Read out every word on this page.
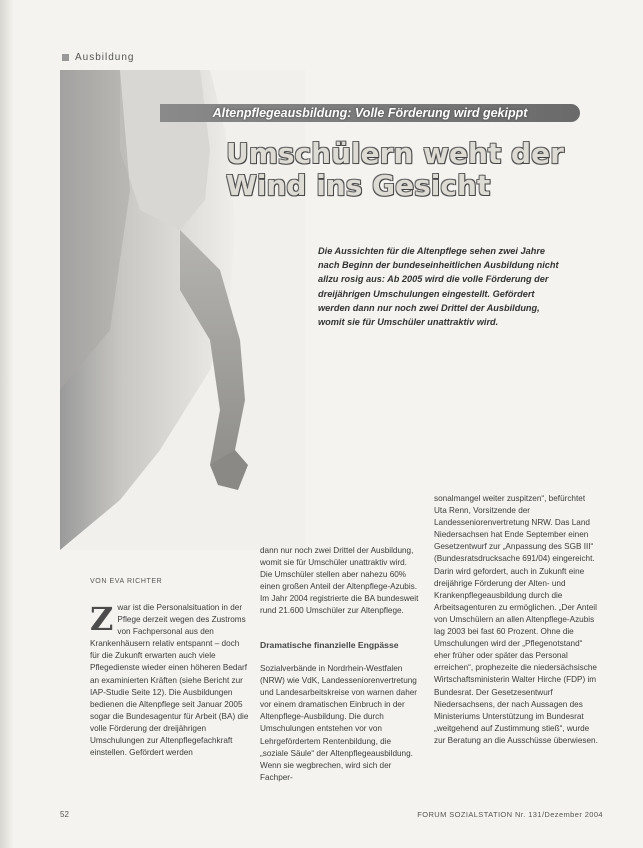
Ausbildung
Altenpflegeausbildung: Volle Förderung wird gekippt
Umschülern weht der Wind ins Gesicht

Die Aussichten für die Altenpflege sehen zwei Jahre nach Beginn der bundeseinheitlichen Ausbildung nicht allzu rosig aus: Ab 2005 wird die volle Förderung der dreijährigen Umschulungen eingestellt. Gefördert werden dann nur noch zwei Drittel der Ausbildung, womit sie für Umschüler unattraktiv wird.

VON EVA RICHTER

Zwar ist die Personalsituation in der Pflege derzeit wegen des Zustroms von Fachpersonal aus den Krankenhäusern relativ entspannt – doch für die Zukunft erwarten auch viele Pflegedienste wieder einen höheren Bedarf an examinierten Kräften (siehe Bericht zur IAP-Studie Seite 12). Die Ausbildungen bedienen die Altenpflege seit Januar 2005 sogar die Bundesagentur für Arbeit (BA) die volle Förderung der dreijährigen Umschulungen zur Altenpflegefachkraft einstellen. Gefördert werden

dann nur noch zwei Drittel der Ausbildung, womit sie für Umschüler unattraktiv wird. Die Umschüler stellen aber nahezu 60% einen großen Anteil der Altenpflege-Azubis. Im Jahr 2004 registrierte die BA bundesweit rund 21.600 Umschüler zur Altenpflege.

Dramatische finanzielle Engpässe

Sozialverbände in Nordrhein-Westfalen (NRW) wie VdK, Landesseniorenvertretung und Landesarbeitskreise von warnen daher vor einem dramatischen Einbruch in der Altenpflege-Ausbildung. Die durch Umschulungen entstehen vor von Lehrgefördertem Rentenbildung, die „soziale Säule“ der Altenpflegeausbildung. Wenn sie wegbrechen, wird sich der Fachper-

sonalmangel weiter zuspitzen“, befürchtet Uta Renn, Vorsitzende der Landesseniorenvertretung NRW. Das Land Niedersachsen hat Ende September einen Gesetzentwurf zur „Anpassung des SGB III“ (Bundesratsdrucksache 691/04) eingereicht. Darin wird gefordert, auch in Zukunft eine dreijährige Förderung der Alten- und Krankenpflegeausbildung durch die Arbeitsagenturen zu ermöglichen. „Der Anteil von Umschülern an allen Altenpflege-Azubis lag 2003 bei fast 60 Prozent. Ohne die Umschulungen wird der „Pflegenotstand“ eher früher oder später das Personal erreichen“, prophezeite die niedersächsische Wirtschaftsministerin Walter Hirche (FDP) im Bundesrat. Der Gesetzesentwurf Niedersachsens, der nach Aussagen des Ministeriums Unterstützung im Bundesrat „weitgehend auf Zustimmung stieß“, wurde zur Beratung an die Ausschüsse überwiesen.

52	FORUM SOZIALSTATION Nr. 131/Dezember 2004
